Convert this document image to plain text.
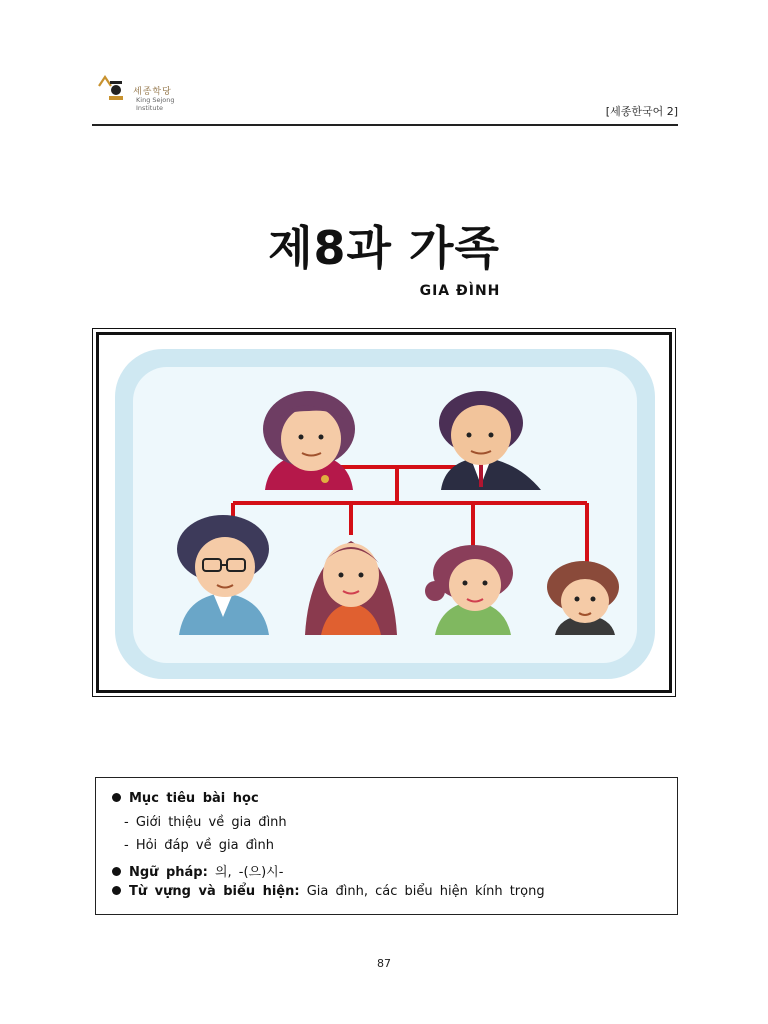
세종학당
King Sejong
Institute	[세종한국어 2]
제8과 가족
GIA ĐÌNH
Mục tiêu bài học
- Giới thiệu về gia đình
- Hỏi đáp về gia đình
Ngữ pháp: 의, -(으)시-
Từ vựng và biểu hiện: Gia đình, các biểu hiện kính trọng
87
